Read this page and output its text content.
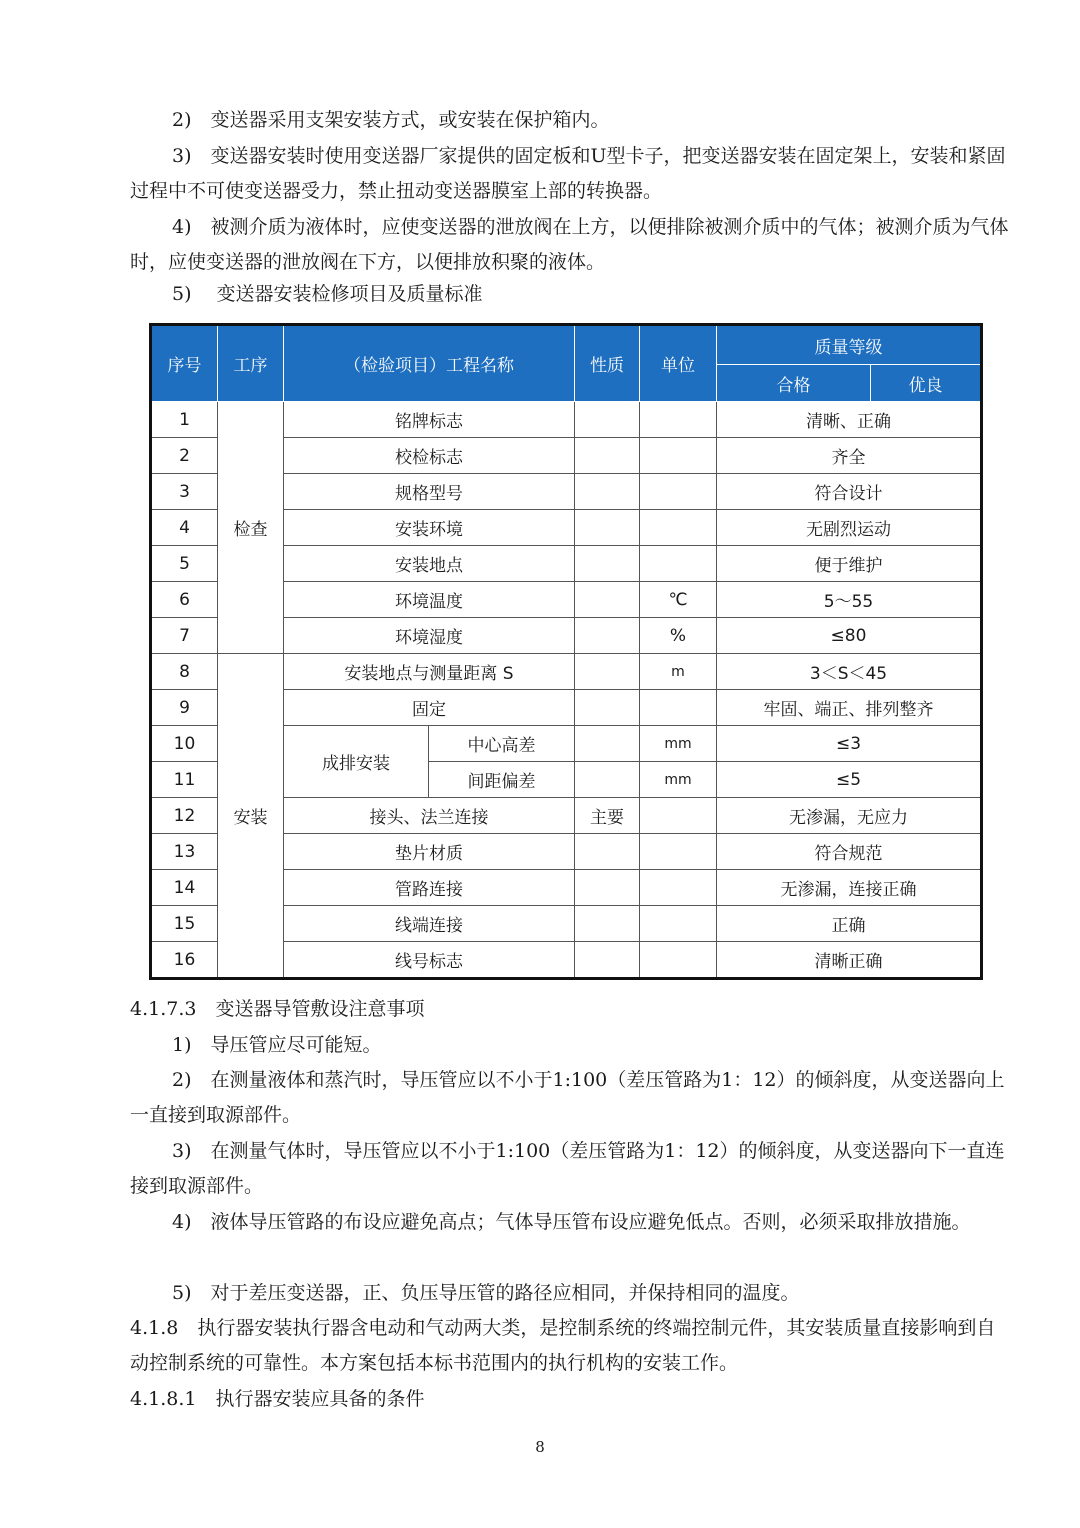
2)　变送器采用支架安装方式，或安装在保护箱内。

3)　变送器安装时使用变送器厂家提供的固定板和U型卡子，把变送器安装在固定架上，安装和紧固过程中不可使变送器受力，禁止扭动变送器膜室上部的转换器。

4)　被测介质为液体时，应使变送器的泄放阀在上方，以便排除被测介质中的气体；被测介质为气体时，应使变送器的泄放阀在下方，以便排放积聚的液体。

5)　 变送器安装检修项目及质量标准

序号	工序	（检验项目）工程名称		性质	单位	质量等级	
						合格	优良
1	检查	铭牌标志				清晰、正确	
2		校检标志				齐全	
3		规格型号				符合设计	
4		安装环境				无剧烈运动	
5		安装地点				便于维护	
6		环境温度			℃	5～55	
7		环境湿度			%	≤80	
8	安装	安装地点与测量距离 S			m	3＜S＜45	
9		固定				牢固、端正、排列整齐	
10		成排安装	中心高差		mm	≤3	
11			间距偏差		mm	≤5	
12		接头、法兰连接		主要		无渗漏，无应力	
13		垫片材质				符合规范	
14		管路连接				无渗漏，连接正确	
15		线端连接				正确	
16		线号标志				清晰正确	

4.1.7.3　变送器导管敷设注意事项

1)　导压管应尽可能短。

2)　在测量液体和蒸汽时，导压管应以不小于1:100（差压管路为1：12）的倾斜度，从变送器向上一直接到取源部件。

3)　在测量气体时，导压管应以不小于1:100（差压管路为1：12）的倾斜度，从变送器向下一直连接到取源部件。

4)　液体导压管路的布设应避免高点；气体导压管布设应避免低点。否则，必须采取排放措施。

5)　对于差压变送器，正、负压导压管的路径应相同，并保持相同的温度。

4.1.8　执行器安装执行器含电动和气动两大类，是控制系统的终端控制元件，其安装质量直接影响到自动控制系统的可靠性。本方案包括本标书范围内的执行机构的安装工作。

4.1.8.1　执行器安装应具备的条件

8
